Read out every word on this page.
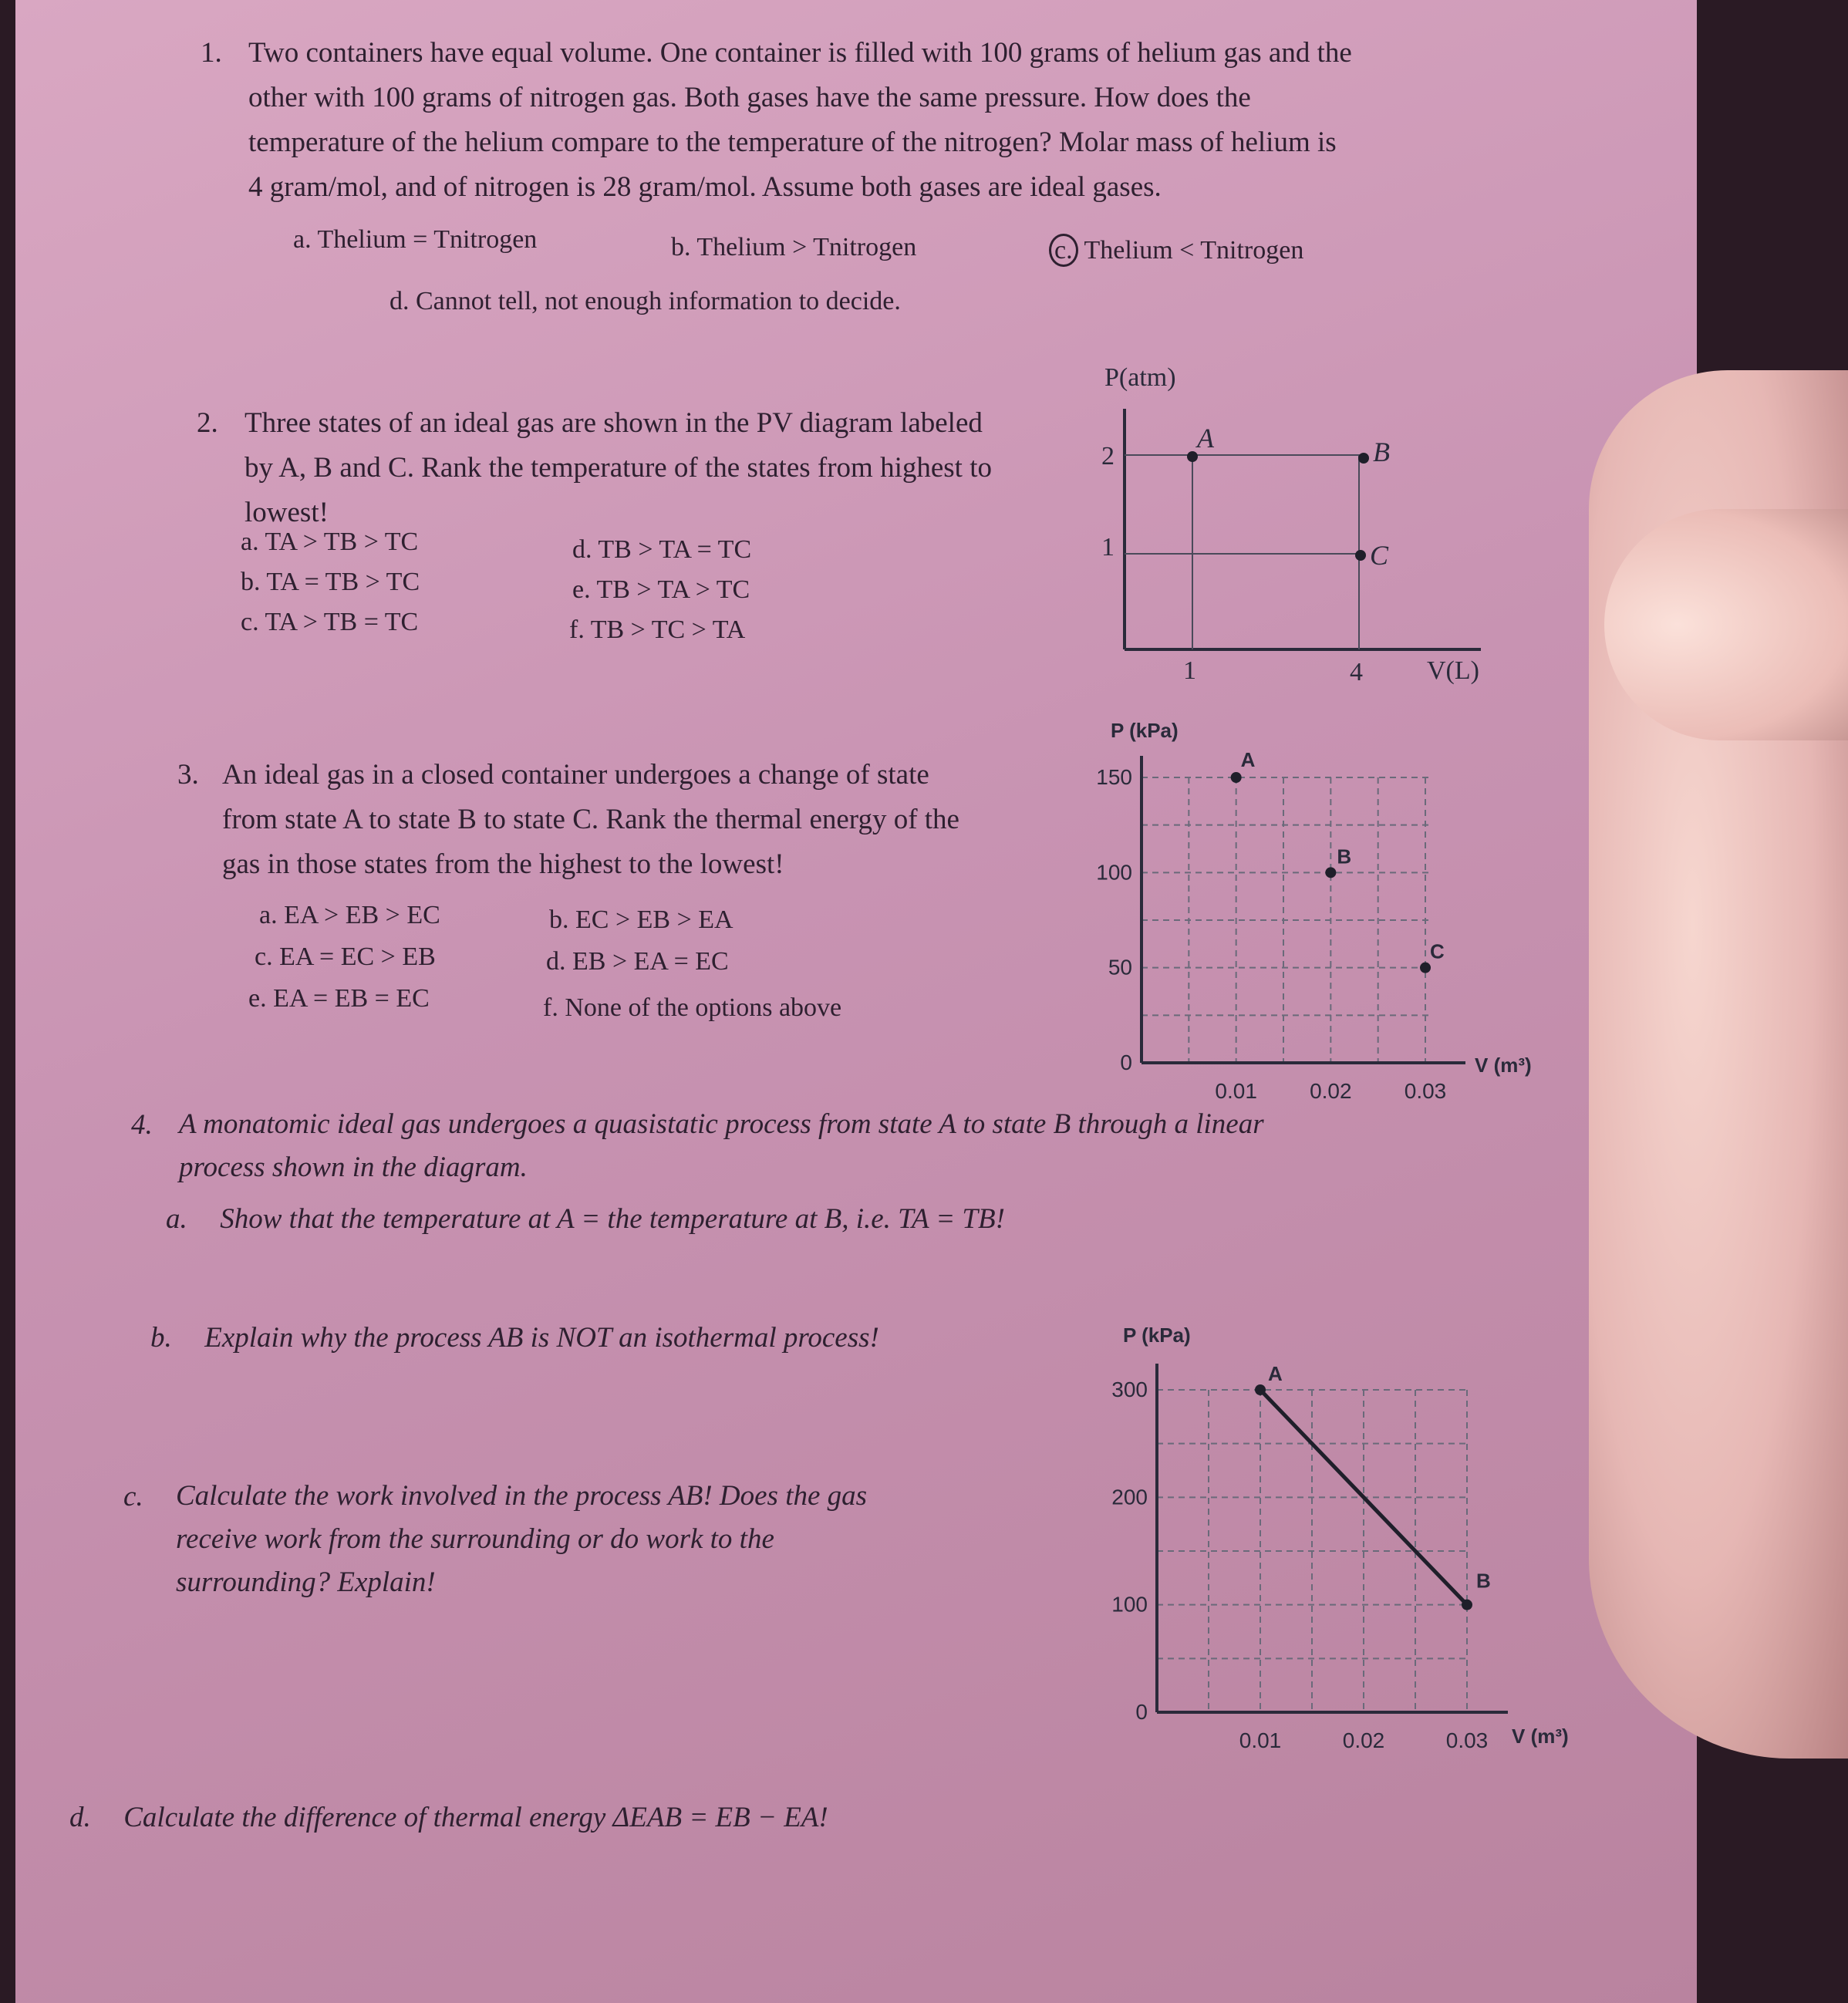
1. Two containers have equal volume. One container is filled with 100 grams of helium gas and the
other with 100 grams of nitrogen gas. Both gases have the same pressure. How does the
temperature of the helium compare to the temperature of the nitrogen? Molar mass of helium is
4 gram/mol, and of nitrogen is 28 gram/mol. Assume both gases are ideal gases.
a. Thelium = Tnitrogen	b. Thelium > Tnitrogen	c. Thelium < Tnitrogen
d. Cannot tell, not enough information to decide.
2. Three states of an ideal gas are shown in the PV diagram labeled
by A, B and C. Rank the temperature of the states from highest to
lowest!
a. TA > TB > TC
b. TA = TB > TC
c. TA > TB = TC
d. TB > TA = TC
e. TB > TA > TC
f. TB > TC > TA
P(atm)
V(L)
2
1
1	4
A	B
C
3. An ideal gas in a closed container undergoes a change of state
from state A to state B to state C. Rank the thermal energy of the
gas in those states from the highest to the lowest!
a. EA > EB > EC	b. EC > EB > EA
c. EA = EC > EB	d. EB > EA = EC
e. EA = EB = EC	f. None of the options above
P (kPa)
V (m³)
150
100
50
0
0.01 0.02 0.03
A
B
C
4. A monatomic ideal gas undergoes a quasistatic process from state A to state B through a linear
process shown in the diagram.
a. Show that the temperature at A = the temperature at B, i.e. TA = TB!
b. Explain why the process AB is NOT an isothermal process!
c. Calculate the work involved in the process AB! Does the gas
receive work from the surrounding or do work to the
surrounding? Explain!
d. Calculate the difference of thermal energy ΔEAB = EB − EA!
P (kPa)
V (m³)
300
200
100
0
0.01	0.02	0.03
A
B
